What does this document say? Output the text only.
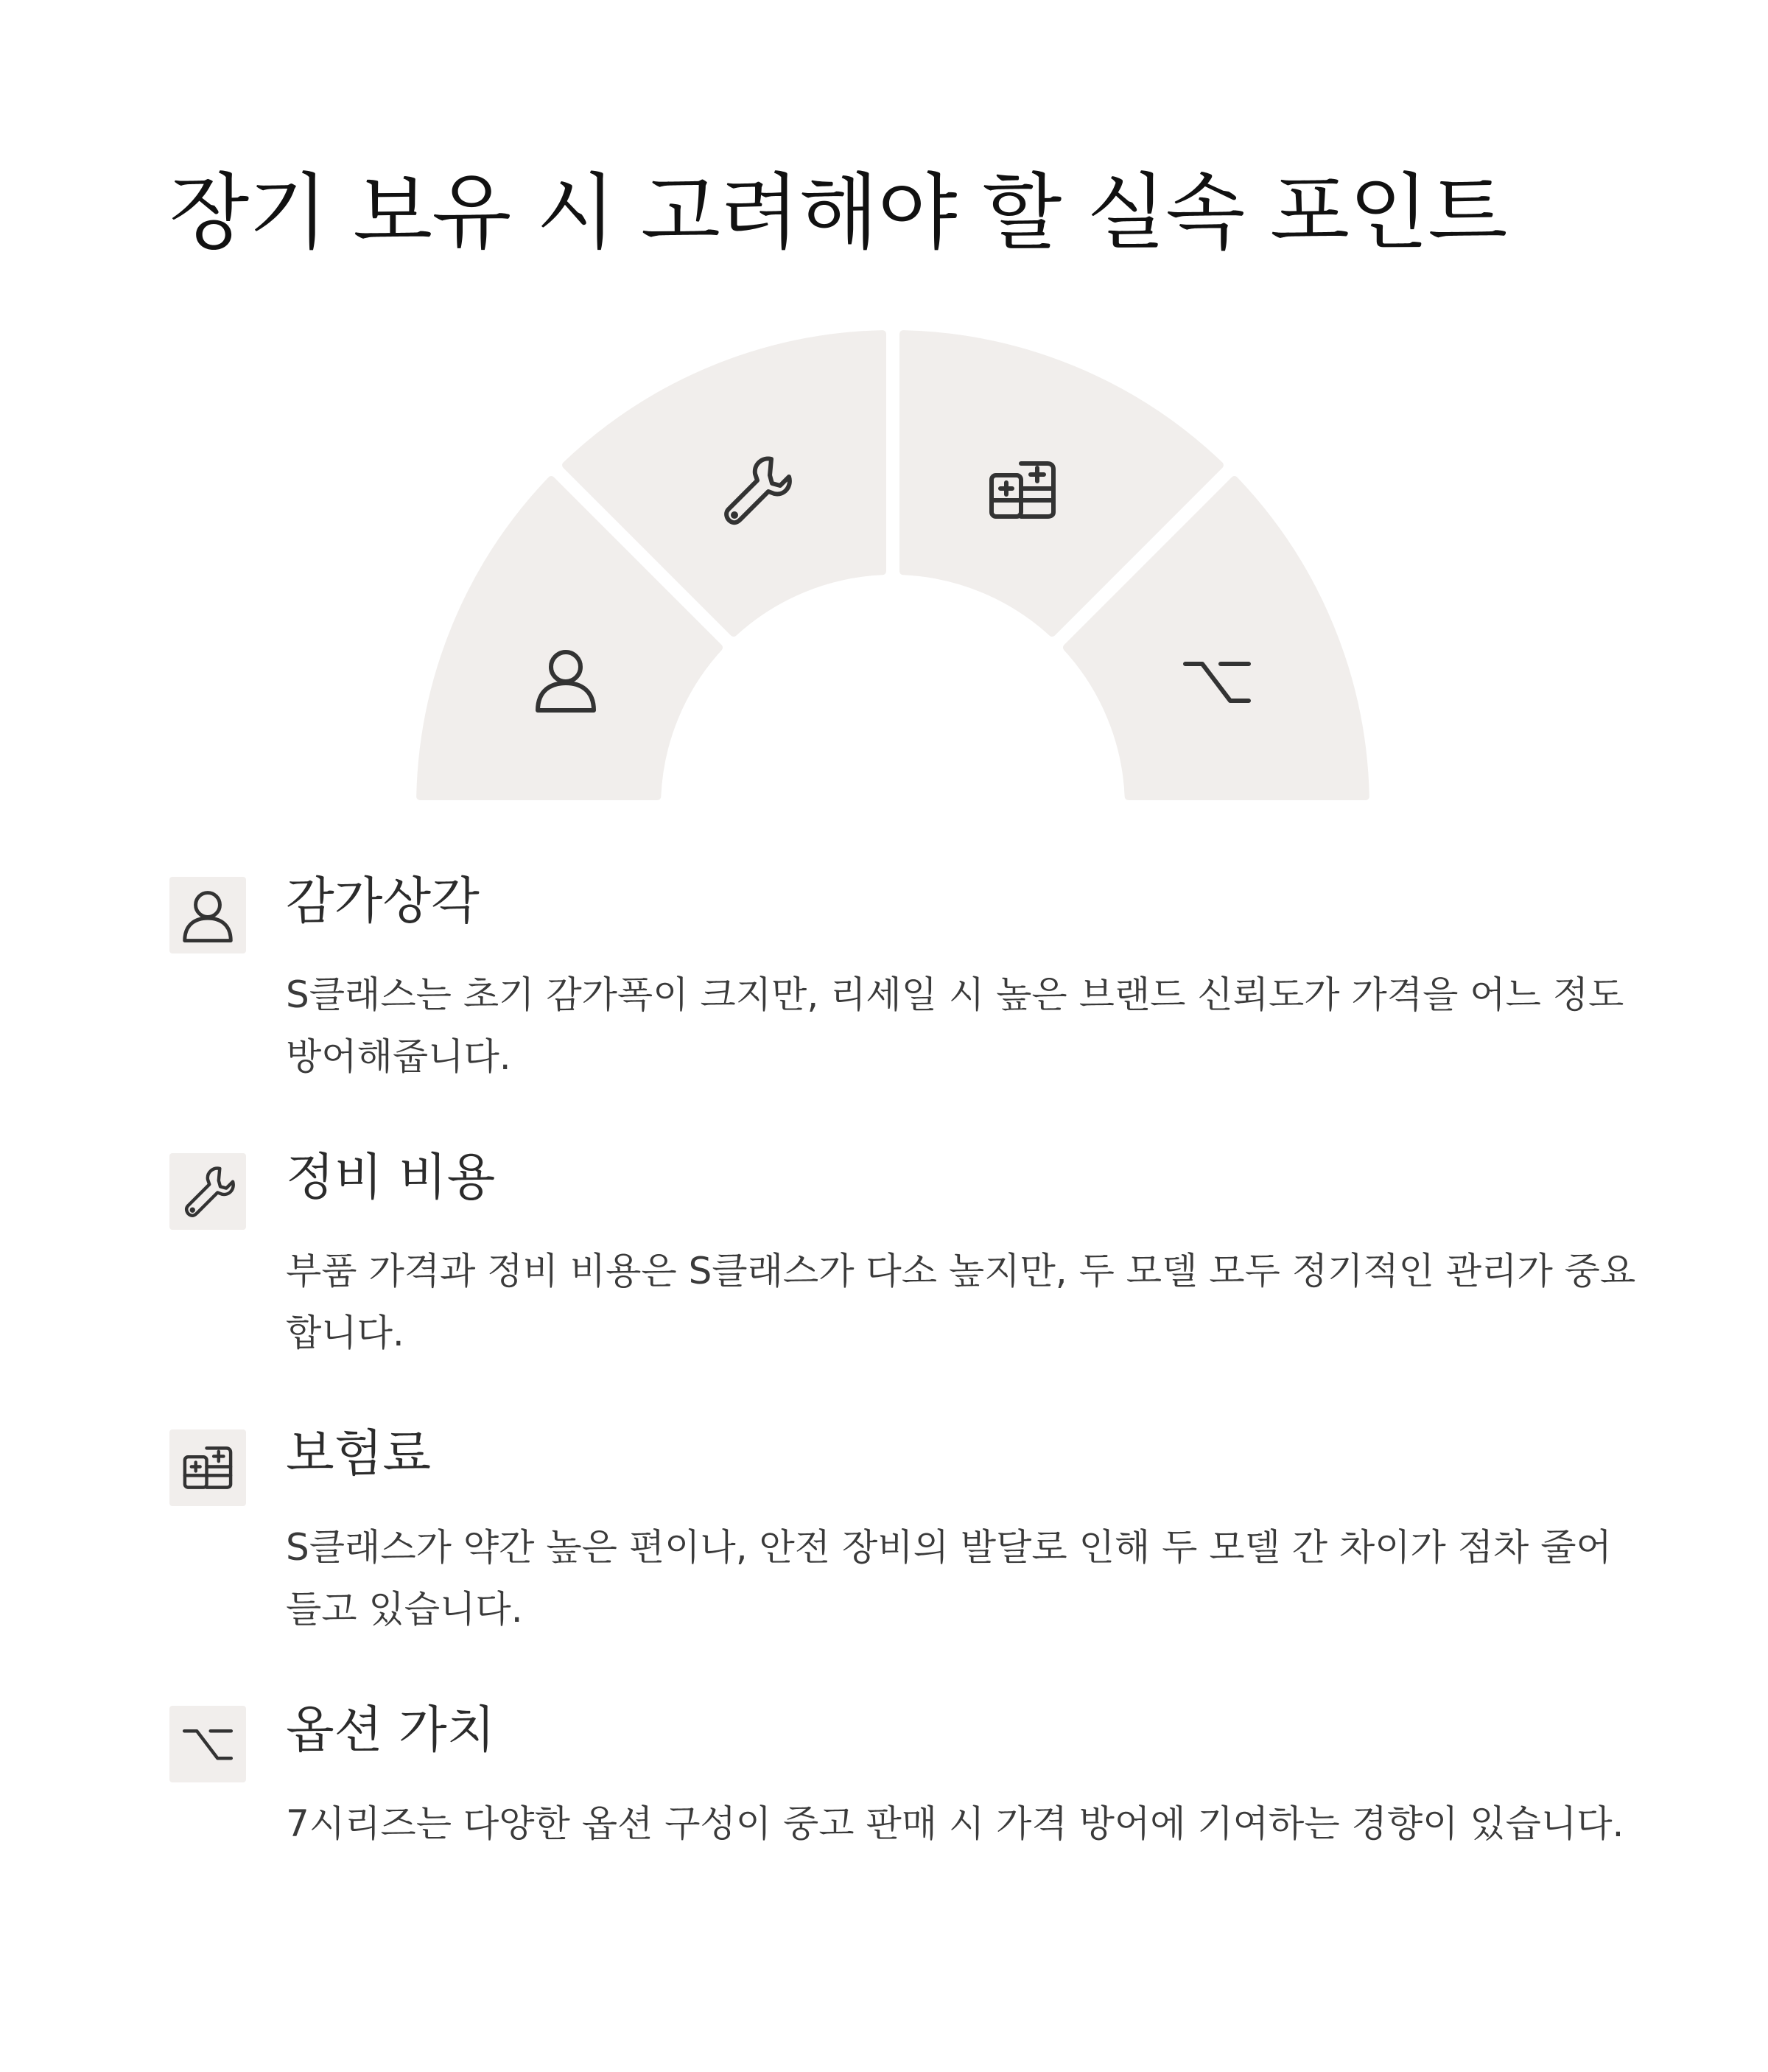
장기 보유 시 고려해야 할 실속 포인트
감가상각

S클래스는 초기 감가폭이 크지만, 리세일 시 높은 브랜드 신뢰도가 가격을 어느 정도 방어해줍니다.

정비 비용

부품 가격과 정비 비용은 S클래스가 다소 높지만, 두 모델 모두 정기적인 관리가 중요합니다.

보험료

S클래스가 약간 높은 편이나, 안전 장비의 발달로 인해 두 모델 간 차이가 점차 줄어들고 있습니다.

옵션 가치

7시리즈는 다양한 옵션 구성이 중고 판매 시 가격 방어에 기여하는 경향이 있습니다.
